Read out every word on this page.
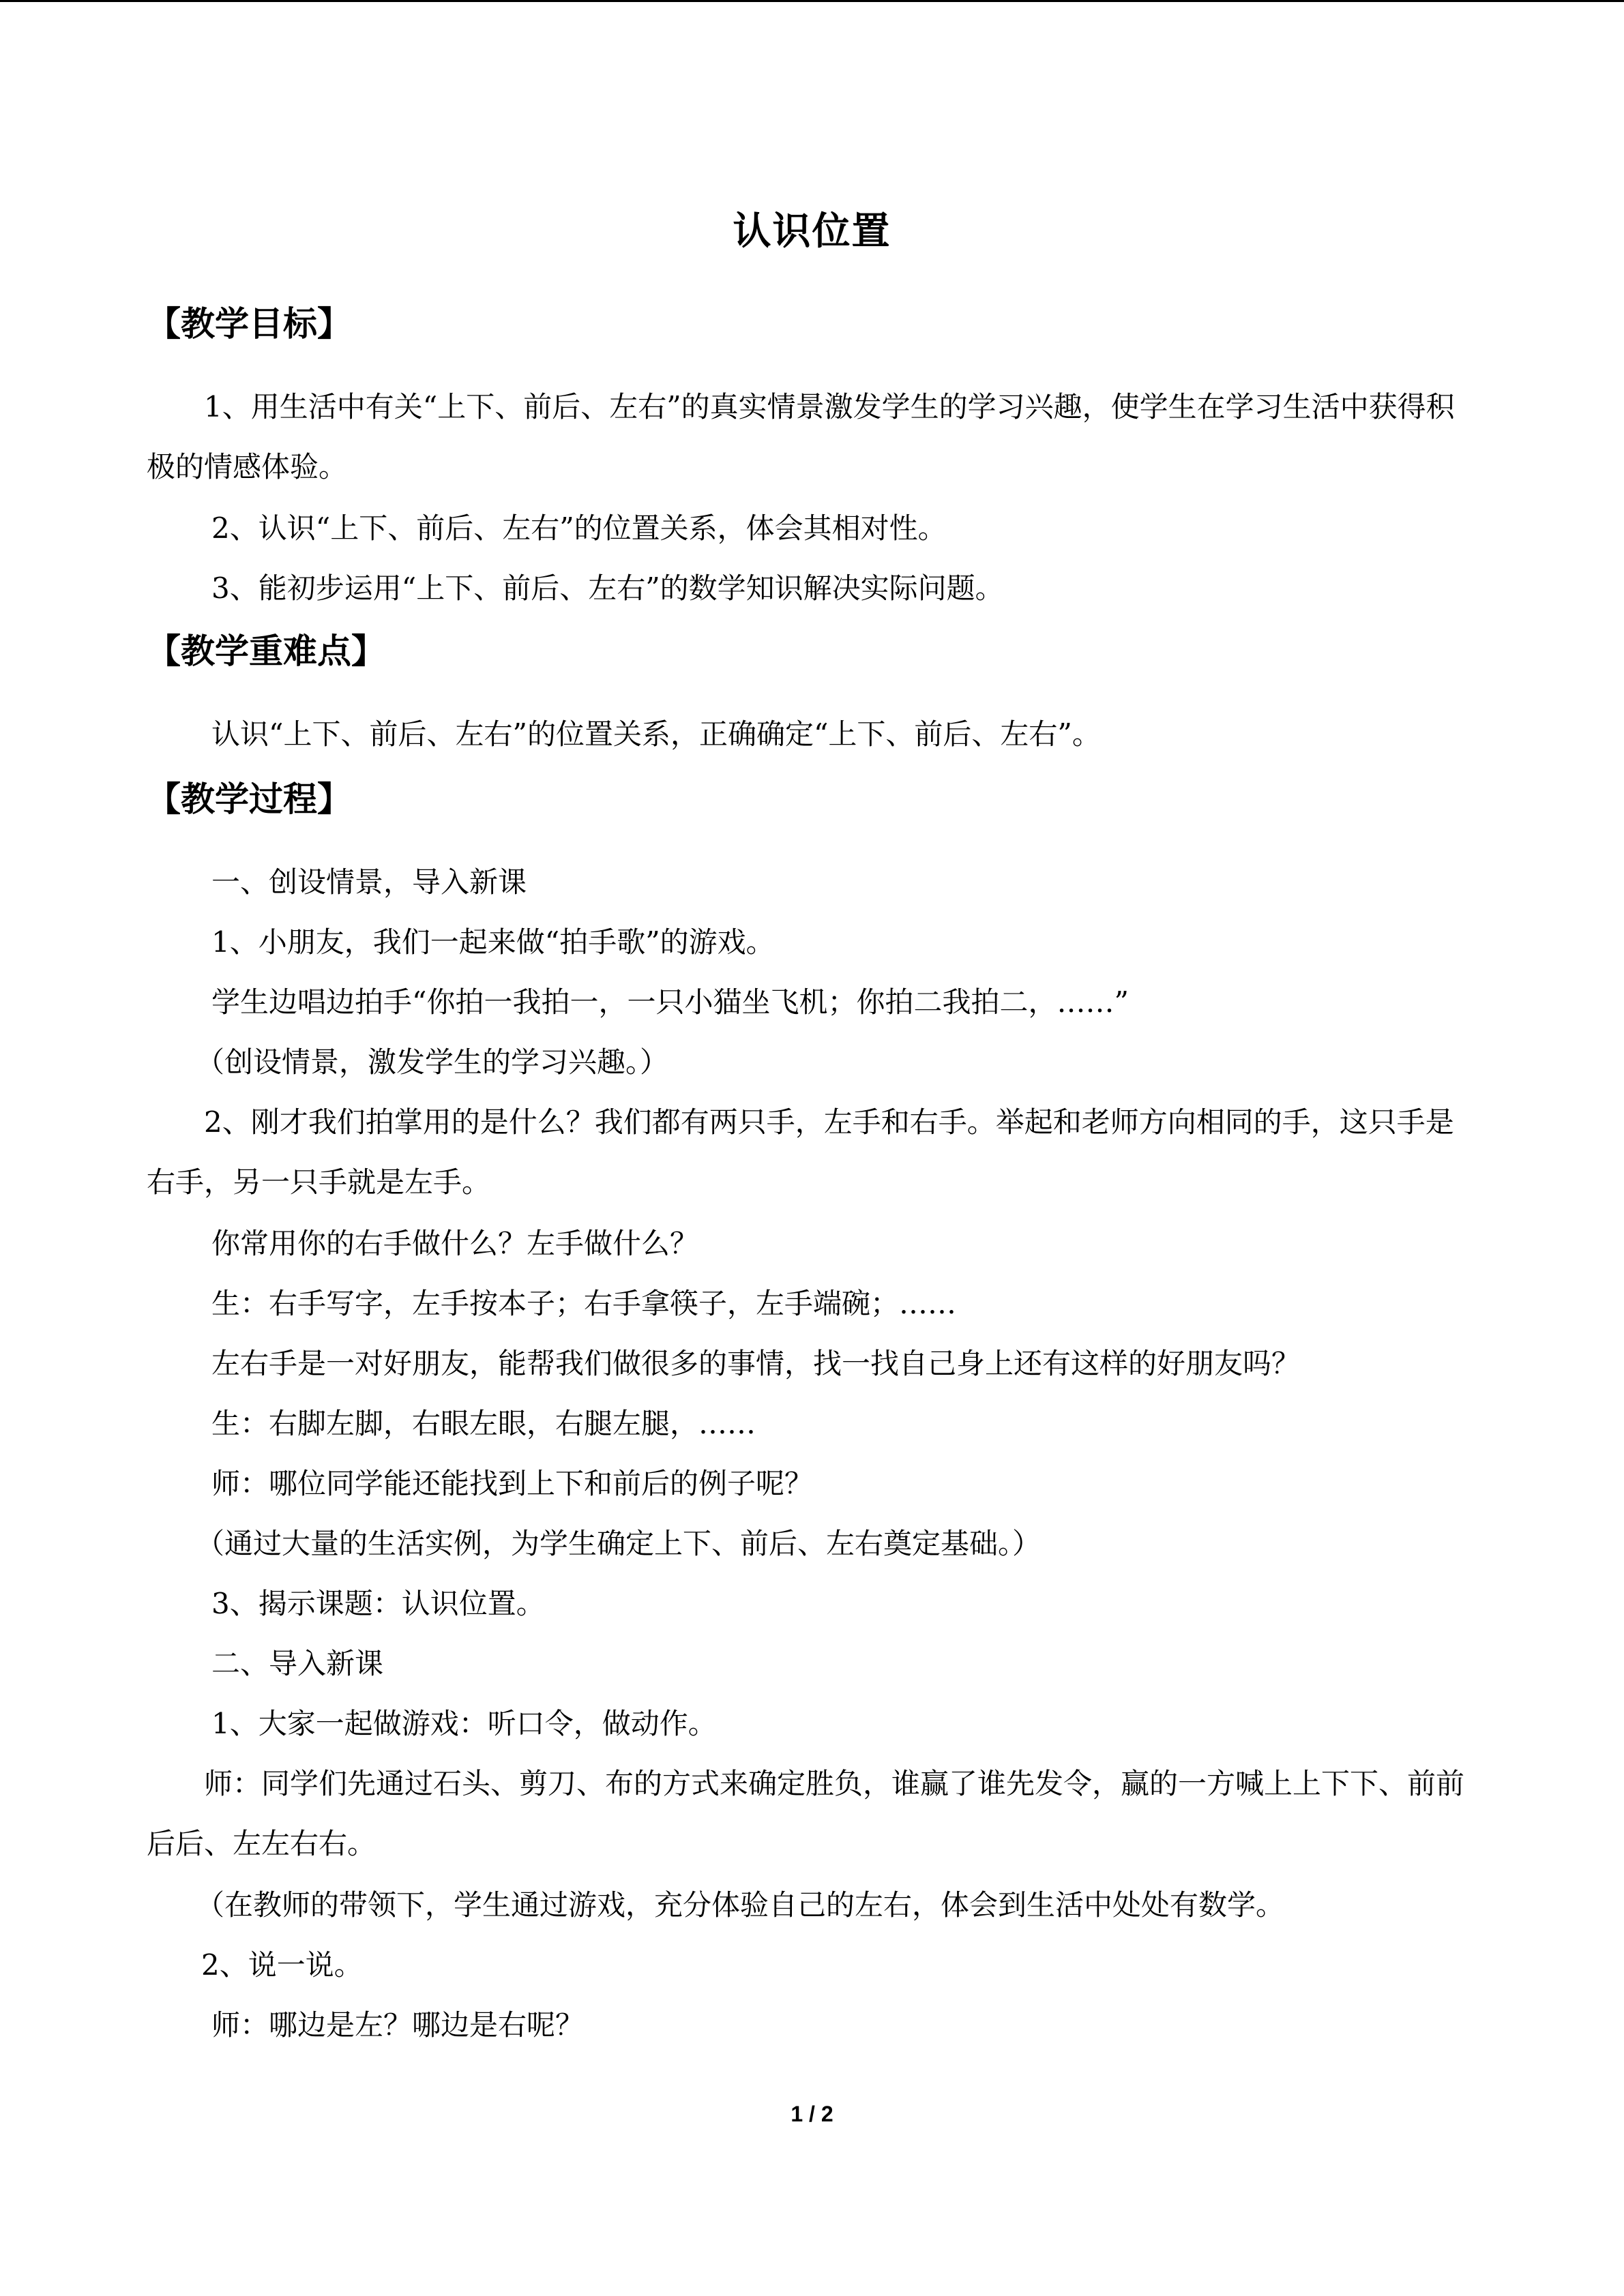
认识位置
【教学目标】
1、用生活中有关“上下、前后、左右”的真实情景激发学生的学习兴趣，使学生在学习生活中获得积极的情感体验。
2、认识“上下、前后、左右”的位置关系，体会其相对性。
3、能初步运用“上下、前后、左右”的数学知识解决实际问题。
【教学重难点】
认识“上下、前后、左右”的位置关系，正确确定“上下、前后、左右”。
【教学过程】
一、创设情景，导入新课
1、小朋友，我们一起来做“拍手歌”的游戏。
学生边唱边拍手“你拍一我拍一，一只小猫坐飞机；你拍二我拍二，……”
（创设情景，激发学生的学习兴趣。）
2、刚才我们拍掌用的是什么？我们都有两只手，左手和右手。举起和老师方向相同的手，这只手是右手，另一只手就是左手。
你常用你的右手做什么？左手做什么？
生：右手写字，左手按本子；右手拿筷子，左手端碗；……
左右手是一对好朋友，能帮我们做很多的事情，找一找自己身上还有这样的好朋友吗？
生：右脚左脚，右眼左眼，右腿左腿，……
师：哪位同学能还能找到上下和前后的例子呢？
（通过大量的生活实例，为学生确定上下、前后、左右奠定基础。）
3、揭示课题：认识位置。
二、导入新课
1、大家一起做游戏：听口令，做动作。
师：同学们先通过石头、剪刀、布的方式来确定胜负，谁赢了谁先发令，赢的一方喊上上下下、前前后后、左左右右。
（在教师的带领下，学生通过游戏，充分体验自己的左右，体会到生活中处处有数学。
2、说一说。
师：哪边是左？哪边是右呢？
1 / 2
